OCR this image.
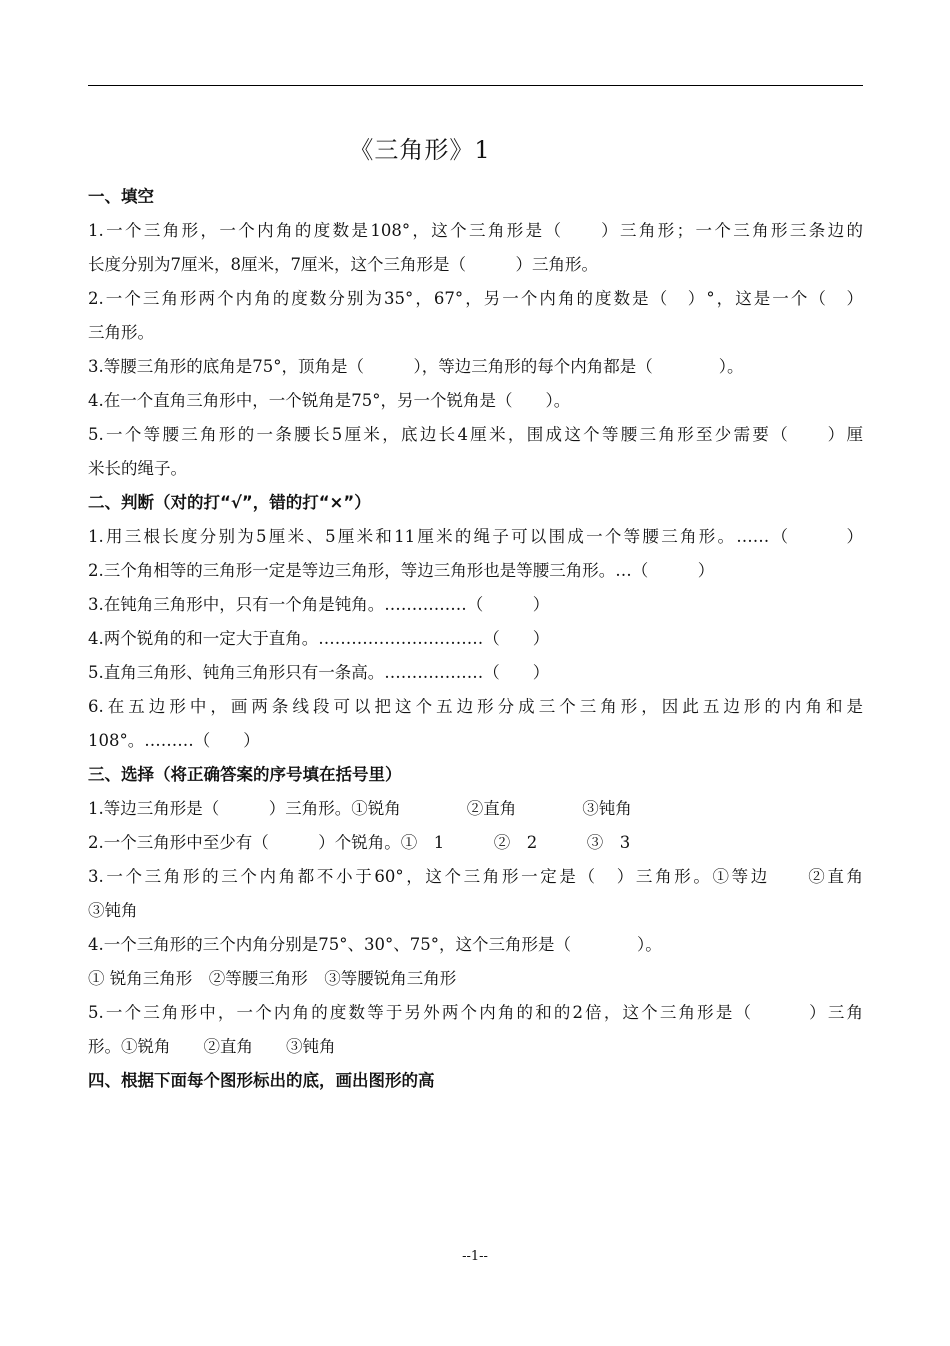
《三角形》1
一、填空
1.一个三角形，一个内角的度数是108°，这个三角形是（　　）三角形；一个三角形三条边的
长度分别为7厘米，8厘米，7厘米，这个三角形是（　　　）三角形。
2.一个三角形两个内角的度数分别为35°，67°，另一个内角的度数是（　）°，这是一个（　）
三角形。
3.等腰三角形的底角是75°，顶角是（　　　），等边三角形的每个内角都是（　　　　）。
4.在一个直角三角形中，一个锐角是75°，另一个锐角是（　　）。
5.一个等腰三角形的一条腰长5厘米，底边长4厘米，围成这个等腰三角形至少需要（　　）厘
米长的绳子。
二、判断（对的打“√”，错的打“×”）
1.用三根长度分别为5厘米、5厘米和11厘米的绳子可以围成一个等腰三角形。……（　　　）
2.三个角相等的三角形一定是等边三角形，等边三角形也是等腰三角形。…（　　　）
3.在钝角三角形中，只有一个角是钝角。……………（　　　）
4.两个锐角的和一定大于直角。…………………………（　　）
5.直角三角形、钝角三角形只有一条高。………………（　　）
6.在五边形中，画两条线段可以把这个五边形分成三个三角形，因此五边形的内角和是
108°。………（　　）
三、选择（将正确答案的序号填在括号里）
1.等边三角形是（　　　）三角形。①锐角　　　　②直角　　　　③钝角
2.一个三角形中至少有（　　　）个锐角。①　1　　　②　2　　　③　3
3.一个三角形的三个内角都不小于60°，这个三角形一定是（　）三角形。①等边　　②直角
③钝角
4.一个三角形的三个内角分别是75°、30°、75°，这个三角形是（　　　　）。
① 锐角三角形　②等腰三角形　③等腰锐角三角形
5.一个三角形中，一个内角的度数等于另外两个内角的和的2倍，这个三角形是（　　　）三角
形。①锐角　　②直角　　③钝角
四、根据下面每个图形标出的底，画出图形的高
--1--
